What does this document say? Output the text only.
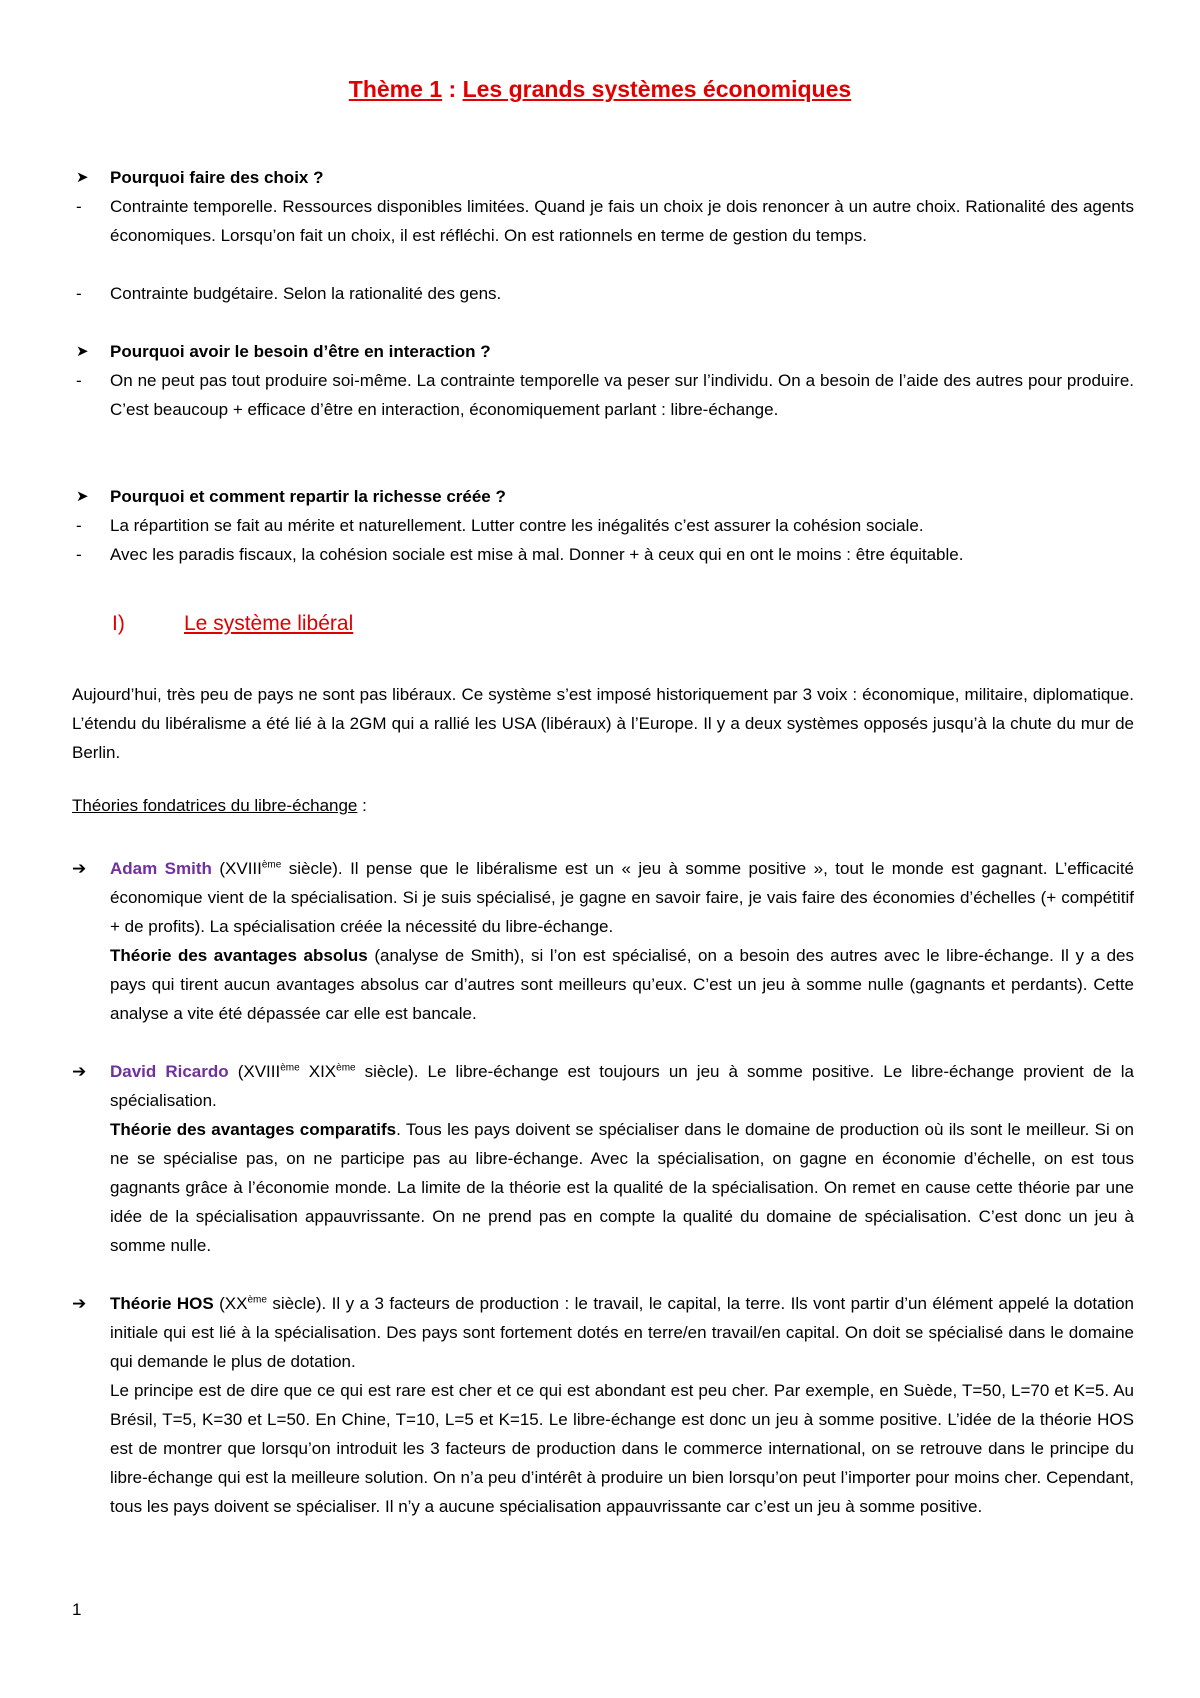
Thème 1 : Les grands systèmes économiques
➤ Pourquoi faire des choix ?
- Contrainte temporelle. Ressources disponibles limitées. Quand je fais un choix je dois renoncer à un autre choix. Rationalité des agents économiques. Lorsqu’on fait un choix, il est réfléchi. On est rationnels en terme de gestion du temps.
- Contrainte budgétaire. Selon la rationalité des gens.
➤ Pourquoi avoir le besoin d’être en interaction ?
- On ne peut pas tout produire soi-même. La contrainte temporelle va peser sur l’individu. On a besoin de l’aide des autres pour produire. C’est beaucoup + efficace d’être en interaction, économiquement parlant : libre-échange.
➤ Pourquoi et comment repartir la richesse créée ?
- La répartition se fait au mérite et naturellement. Lutter contre les inégalités c’est assurer la cohésion sociale.
- Avec les paradis fiscaux, la cohésion sociale est mise à mal. Donner + à ceux qui en ont le moins : être équitable.
I)	Le système libéral
Aujourd’hui, très peu de pays ne sont pas libéraux. Ce système s’est imposé historiquement par 3 voix : économique, militaire, diplomatique. L’étendu du libéralisme a été lié à la 2GM qui a rallié les USA (libéraux) à l’Europe. Il y a deux systèmes opposés jusqu’à la chute du mur de Berlin.
Théories fondatrices du libre-échange :
➔ Adam Smith (XVIIIème siècle). Il pense que le libéralisme est un « jeu à somme positive », tout le monde est gagnant. L’efficacité économique vient de la spécialisation. Si je suis spécialisé, je gagne en savoir faire, je vais faire des économies d’échelles (+ compétitif + de profits). La spécialisation créée la nécessité du libre-échange.
Théorie des avantages absolus (analyse de Smith), si l’on est spécialisé, on a besoin des autres avec le libre-échange. Il y a des pays qui tirent aucun avantages absolus car d’autres sont meilleurs qu’eux. C’est un jeu à somme nulle (gagnants et perdants). Cette analyse a vite été dépassée car elle est bancale.
➔ David Ricardo (XVIIIème XIXème siècle). Le libre-échange est toujours un jeu à somme positive. Le libre-échange provient de la spécialisation.
Théorie des avantages comparatifs. Tous les pays doivent se spécialiser dans le domaine de production où ils sont le meilleur. Si on ne se spécialise pas, on ne participe pas au libre-échange. Avec la spécialisation, on gagne en économie d’échelle, on est tous gagnants grâce à l’économie monde. La limite de la théorie est la qualité de la spécialisation. On remet en cause cette théorie par une idée de la spécialisation appauvrissante. On ne prend pas en compte la qualité du domaine de spécialisation. C’est donc un jeu à somme nulle.
➔ Théorie HOS (XXème siècle). Il y a 3 facteurs de production : le travail, le capital, la terre. Ils vont partir d’un élément appelé la dotation initiale qui est lié à la spécialisation. Des pays sont fortement dotés en terre/en travail/en capital. On doit se spécialisé dans le domaine qui demande le plus de dotation.
Le principe est de dire que ce qui est rare est cher et ce qui est abondant est peu cher. Par exemple, en Suède, T=50, L=70 et K=5. Au Brésil, T=5, K=30 et L=50. En Chine, T=10, L=5 et K=15. Le libre-échange est donc un jeu à somme positive. L’idée de la théorie HOS est de montrer que lorsqu’on introduit les 3 facteurs de production dans le commerce international, on se retrouve dans le principe du libre-échange qui est la meilleure solution. On n’a peu d’intérêt à produire un bien lorsqu’on peut l’importer pour moins cher. Cependant, tous les pays doivent se spécialiser. Il n’y a aucune spécialisation appauvrissante car c’est un jeu à somme positive.
1
